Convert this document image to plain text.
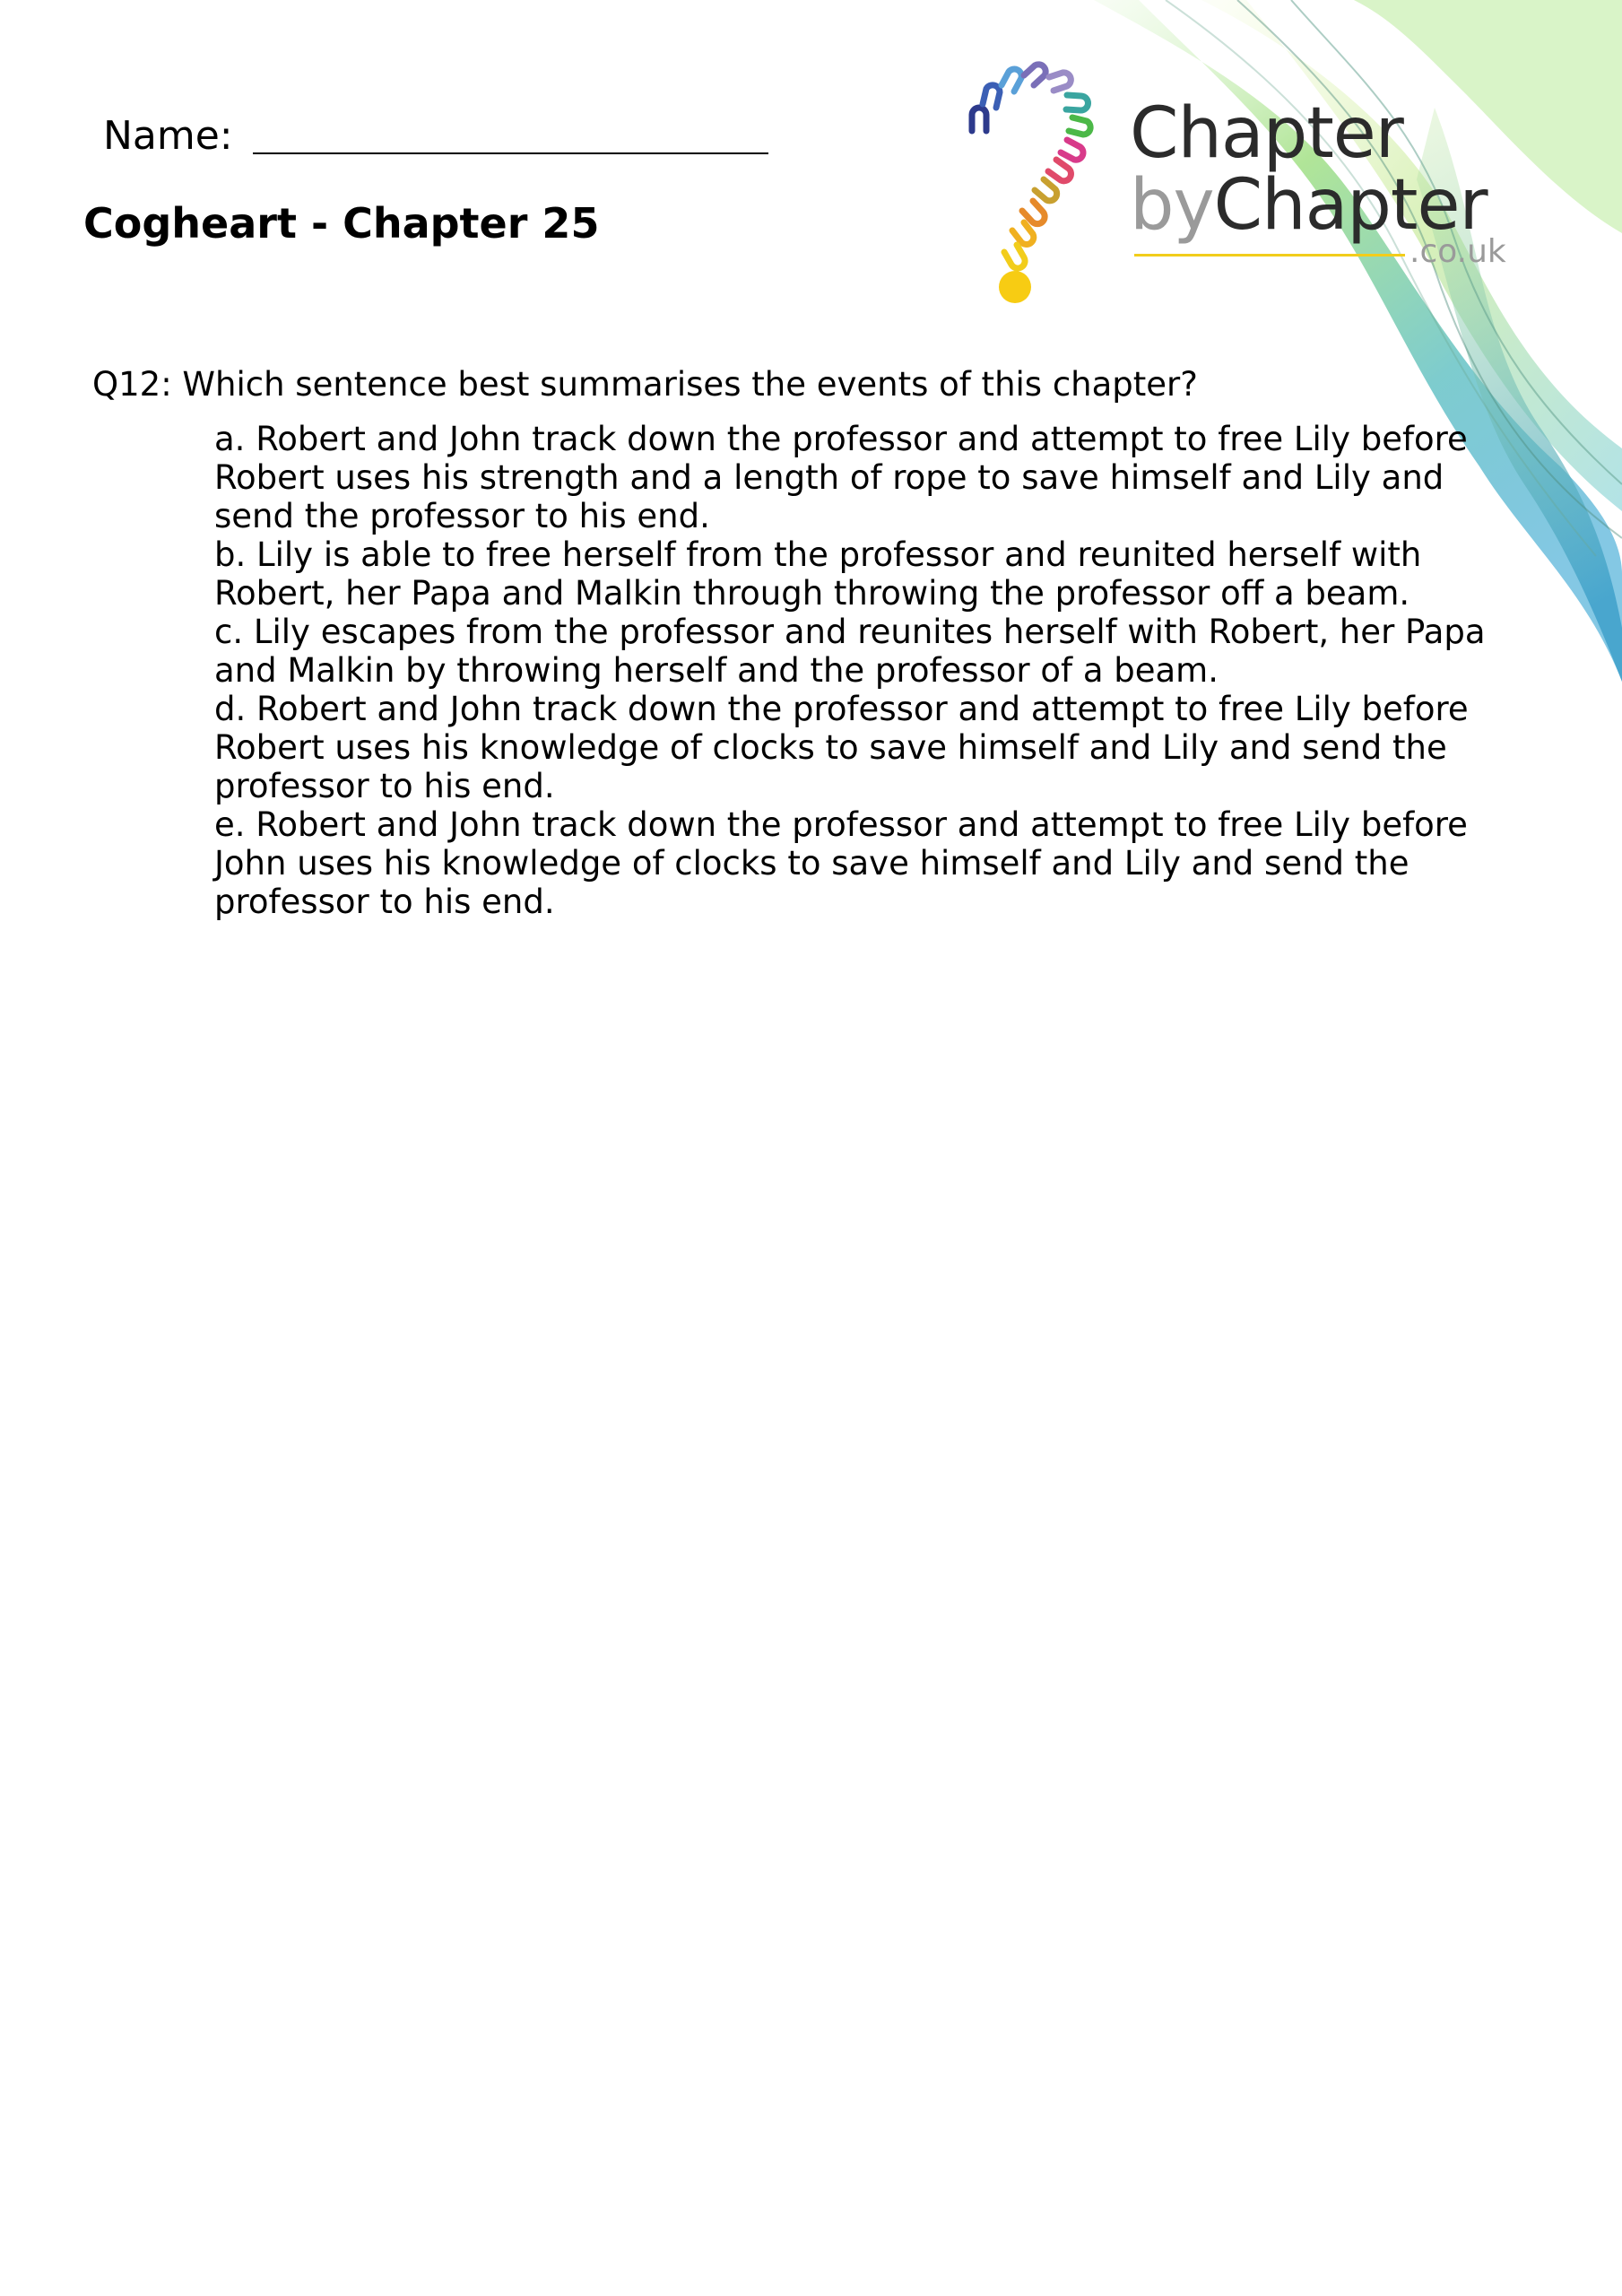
Name:
Cogheart - Chapter 25
Chapter
byChapter
.co.uk

Q12: Which sentence best summarises the events of this chapter?

a. Robert and John track down the professor and attempt to free Lily before Robert uses his strength and a length of rope to save himself and Lily and send the professor to his end.
b. Lily is able to free herself from the professor and reunited herself with Robert, her Papa and Malkin through throwing the professor off a beam.
c. Lily escapes from the professor and reunites herself with Robert, her Papa and Malkin by throwing herself and the professor of a beam.
d. Robert and John track down the professor and attempt to free Lily before Robert uses his knowledge of clocks to save himself and Lily and send the professor to his end.
e. Robert and John track down the professor and attempt to free Lily before John uses his knowledge of clocks to save himself and Lily and send the professor to his end.
